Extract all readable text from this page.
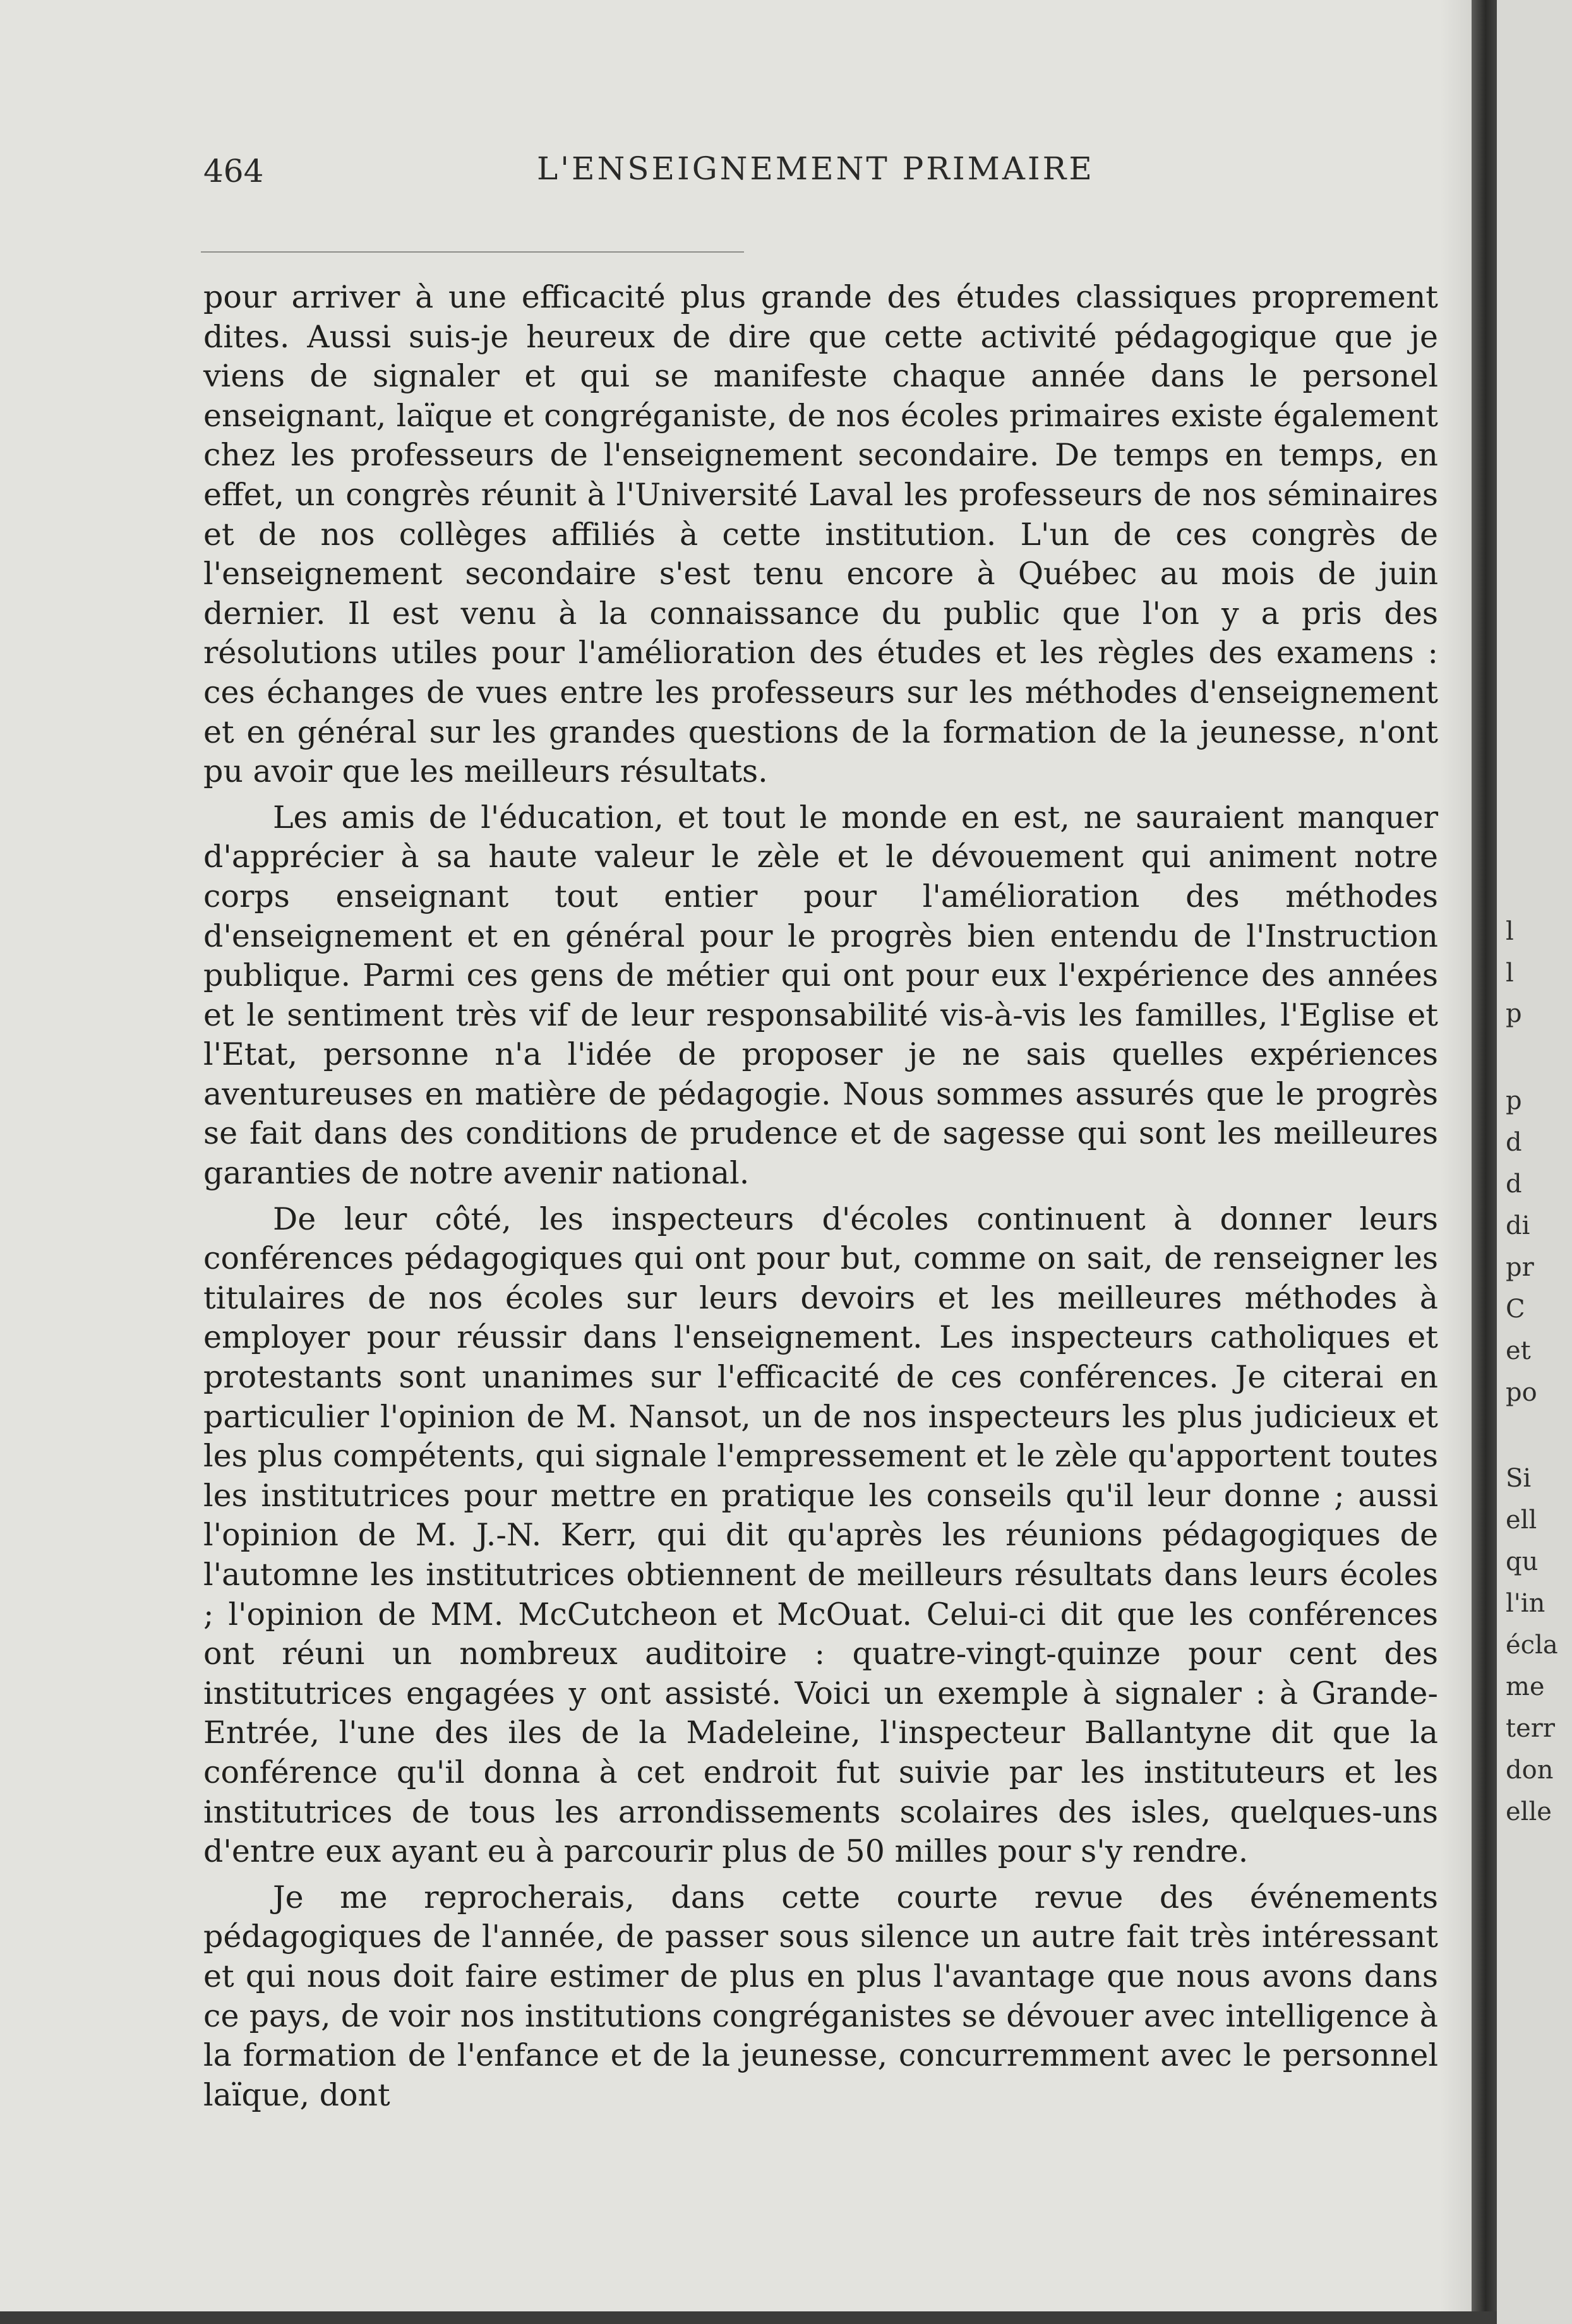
464	L'ENSEIGNEMENT PRIMAIRE

pour arriver à une efficacité plus grande des études classiques proprement dites. Aussi suis-je heureux de dire que cette activité pédagogique que je viens de signaler et qui se manifeste chaque année dans le personel enseignant, laïque et congréganiste, de nos écoles primaires existe également chez les professeurs de l'enseignement secondaire. De temps en temps, en effet, un congrès réunit à l'Université Laval les professeurs de nos séminaires et de nos collèges affiliés à cette institution. L'un de ces congrès de l'enseignement secondaire s'est tenu encore à Québec au mois de juin dernier. Il est venu à la connaissance du public que l'on y a pris des résolutions utiles pour l'amélioration des études et les règles des examens : ces échanges de vues entre les professeurs sur les méthodes d'enseignement et en général sur les grandes questions de la formation de la jeunesse, n'ont pu avoir que les meilleurs résultats.

Les amis de l'éducation, et tout le monde en est, ne sauraient manquer d'apprécier à sa haute valeur le zèle et le dévouement qui animent notre corps enseignant tout entier pour l'amélioration des méthodes d'enseignement et en général pour le progrès bien entendu de l'Instruction publique. Parmi ces gens de métier qui ont pour eux l'expérience des années et le sentiment très vif de leur responsabilité vis-à-vis les familles, l'Eglise et l'Etat, personne n'a l'idée de proposer je ne sais quelles expériences aventureuses en matière de pédagogie. Nous sommes assurés que le progrès se fait dans des conditions de prudence et de sagesse qui sont les meilleures garanties de notre avenir national.

De leur côté, les inspecteurs d'écoles continuent à donner leurs conférences pédagogiques qui ont pour but, comme on sait, de renseigner les titulaires de nos écoles sur leurs devoirs et les meilleures méthodes à employer pour réussir dans l'enseignement. Les inspecteurs catholiques et protestants sont unanimes sur l'efficacité de ces conférences. Je citerai en particulier l'opinion de M. Nansot, un de nos inspecteurs les plus judicieux et les plus compétents, qui signale l'empressement et le zèle qu'apportent toutes les institutrices pour mettre en pratique les conseils qu'il leur donne ; aussi l'opinion de M. J.-N. Kerr, qui dit qu'après les réunions pédagogiques de l'automne les institutrices obtiennent de meilleurs résultats dans leurs écoles ; l'opinion de MM. McCutcheon et McOuat. Celui-ci dit que les conférences ont réuni un nombreux auditoire : quatre-vingt-quinze pour cent des institutrices engagées y ont assisté. Voici un exemple à signaler : à Grande-Entrée, l'une des iles de la Madeleine, l'inspecteur Ballantyne dit que la conférence qu'il donna à cet endroit fut suivie par les instituteurs et les institutrices de tous les arrondissements scolaires des isles, quelques-uns d'entre eux ayant eu à parcourir plus de 50 milles pour s'y rendre.

Je me reprocherais, dans cette courte revue des événements pédagogiques de l'année, de passer sous silence un autre fait très intéressant et qui nous doit faire estimer de plus en plus l'avantage que nous avons dans ce pays, de voir nos institutions congréganistes se dévouer avec intelligence à la formation de l'enfance et de la jeunesse, concurremment avec le personnel laïque, dont

l
l
p
p
d
d
di
pr
C
et
po
Si
ell
qu
l'in
écla
me
terr
don
elle
